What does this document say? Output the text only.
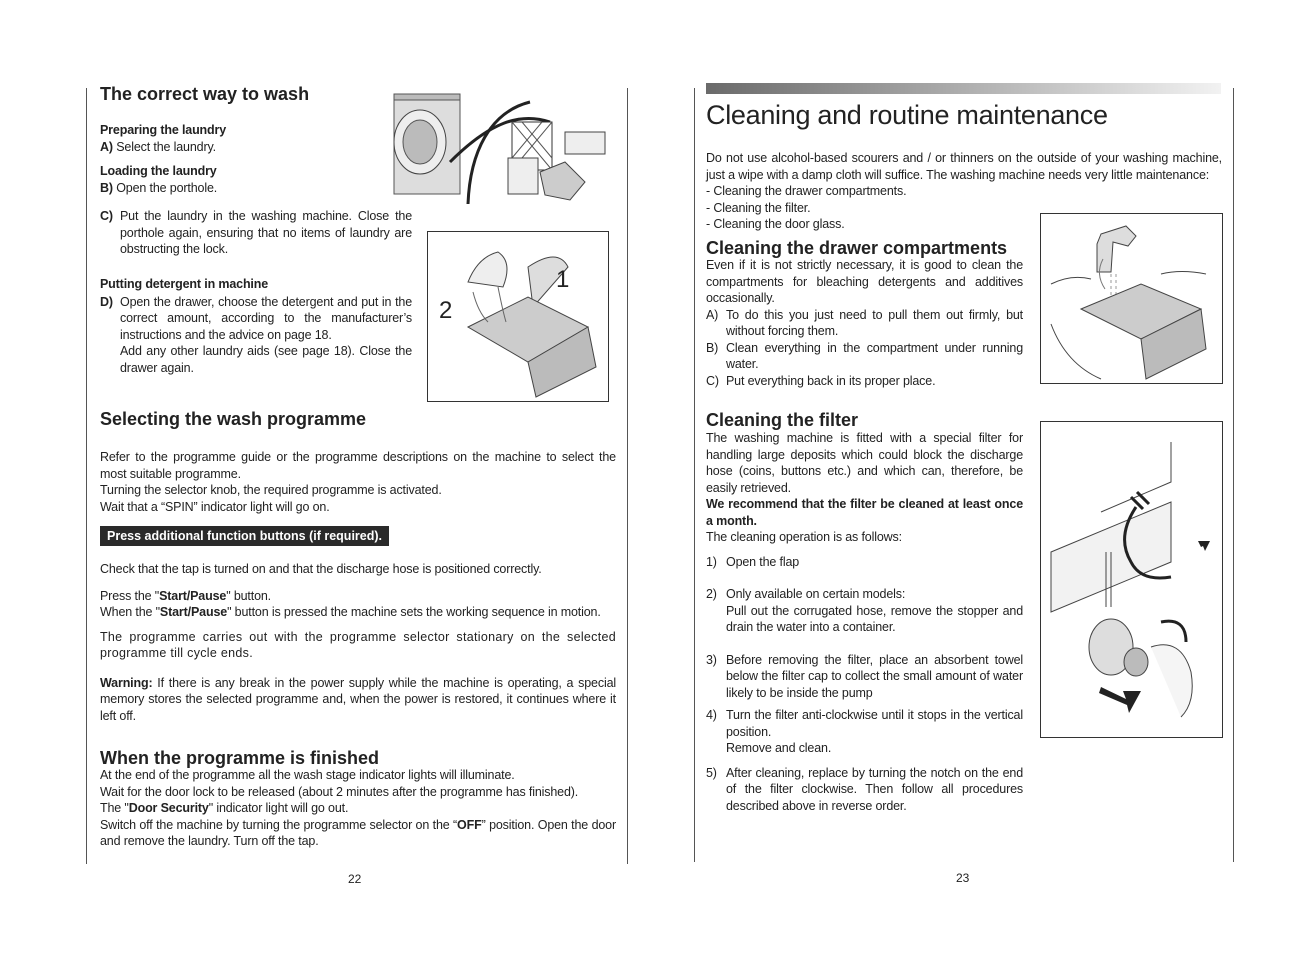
The correct way to wash
Preparing the laundry
A) Select the laundry.
Loading the laundry
B) Open the porthole.
C) Put the laundry in the washing machine. Close the porthole again, ensuring that no items of laundry are obstructing the lock.
1
2
Putting detergent in machine
D) Open the drawer, choose the detergent and put in the correct amount, according to the manufacturer’s instructions and the advice on page 18.
Add any other laundry aids (see page 18). Close the drawer again.
Selecting the wash programme
Refer to the programme guide or the programme descriptions on the machine to select the most suitable programme.
Turning the selector knob, the required programme is activated.
Wait that a “SPIN” indicator light will go on.
Press additional function buttons (if required).
Check that the tap is turned on and that the discharge hose is positioned correctly.
Press the "Start/Pause" button.
When the "Start/Pause" button is pressed the machine sets the working sequence in motion.
The programme carries out with the programme selector stationary on the selected programme till cycle ends.
Warning: If there is any break in the power supply while the machine is operating, a special memory stores the selected programme and, when the power is restored, it continues where it left off.
When the programme is finished
At the end of the programme all the wash stage indicator lights will illuminate.
Wait for the door lock to be released (about 2 minutes after the programme has finished).
The "Door Security" indicator light will go out.
Switch off the machine by turning the programme selector on the “OFF” position. Open the door and remove the laundry. Turn off the tap.
22
Cleaning and routine maintenance
Do not use alcohol-based scourers and / or thinners on the outside of your washing machine, just a wipe with a damp cloth will suffice. The washing machine needs very little maintenance:
- Cleaning the drawer compartments.
- Cleaning the filter.
- Cleaning the door glass.
Cleaning the drawer compartments
Even if it is not strictly necessary, it is good to clean the compartments for bleaching detergents and additives occasionally.
A) To do this you just need to pull them out firmly, but without forcing them.
B) Clean everything in the compartment under running water.
C) Put everything back in its proper place.
Cleaning the filter
The washing machine is fitted with a special filter for handling large deposits which could block the discharge hose (coins, buttons etc.) and which can, therefore, be easily retrieved.
We recommend that the filter be cleaned at least once a month.
The cleaning operation is as follows:
1) Open the flap
2) Only available on certain models:
Pull out the corrugated hose, remove the stopper and drain the water into a container.
3) Before removing the filter, place an absorbent towel below the filter cap to collect the small amount of water likely to be inside the pump
4) Turn the filter anti-clockwise until it stops in the vertical position.
Remove and clean.
5) After cleaning, replace by turning the notch on the end of the filter clockwise. Then follow all procedures described above in reverse order.
23
